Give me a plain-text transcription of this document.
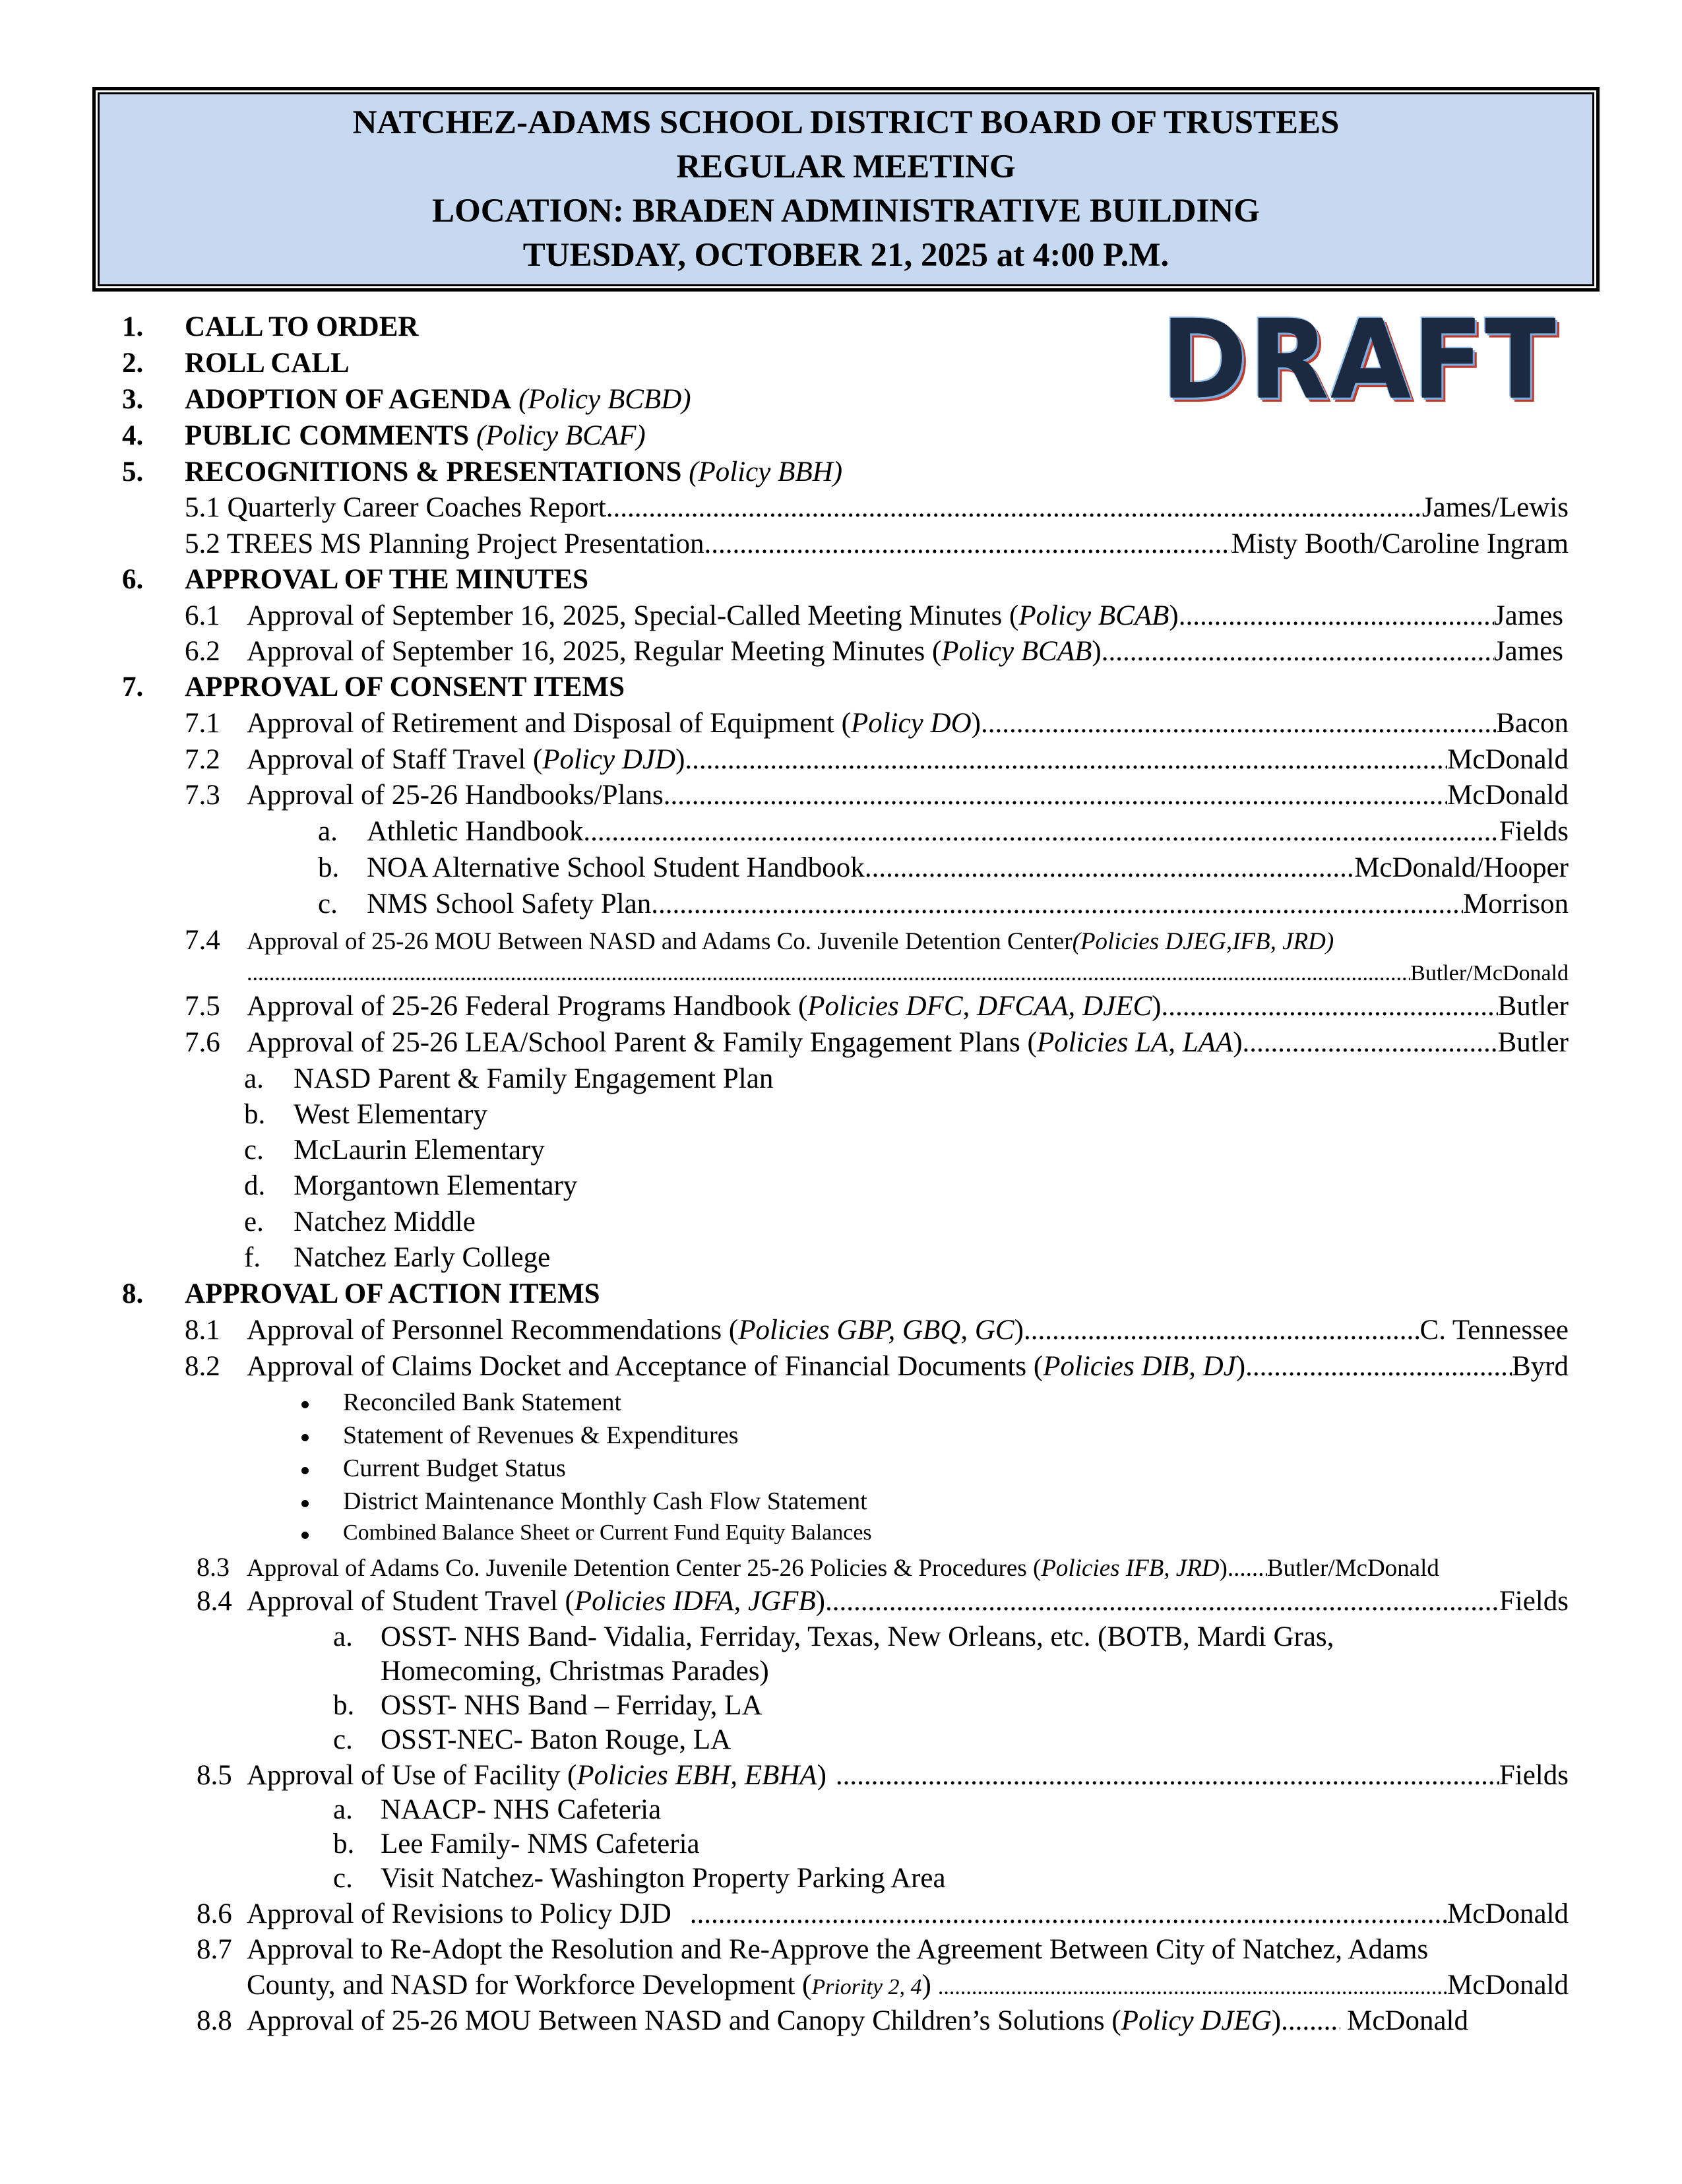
NATCHEZ-ADAMS SCHOOL DISTRICT BOARD OF TRUSTEES
REGULAR MEETING
LOCATION: BRADEN ADMINISTRATIVE BUILDING
TUESDAY, OCTOBER 21, 2025 at 4:00 P.M.
DRAFT
1. CALL TO ORDER
2. ROLL CALL
3. ADOPTION OF AGENDA (Policy BCBD)
4. PUBLIC COMMENTS (Policy BCAF)
5. RECOGNITIONS & PRESENTATIONS (Policy BBH)
5.1 Quarterly Career Coaches Report .....	James/Lewis
5.2 TREES MS Planning Project Presentation .....	Misty Booth/Caroline Ingram
6. APPROVAL OF THE MINUTES
6.1 Approval of September 16, 2025, Special-Called Meeting Minutes ( Policy BCAB ) .....	James
6.2 Approval of September 16, 2025, Regular Meeting Minutes ( Policy BCAB ) .....	James
7. APPROVAL OF CONSENT ITEMS
7.1 Approval of Retirement and Disposal of Equipment ( Policy DO ) .....	Bacon
7.2 Approval of Staff Travel ( Policy DJD ) .....	McDonald
7.3 Approval of 25-26 Handbooks/Plans .....	McDonald
a.	Athletic Handbook .....	Fields
b. NOA Alternative School Student Handbook .....	McDonald/Hooper
c.	NMS School Safety Plan .....	Morrison
7.4	Approval of 25-26 MOU Between NASD and Adams Co. Juvenile Detention Center (Policies DJEG,IFB, JRD)
.....
Butler/McDonald
7.5 Approval of 25-26 Federal Programs Handbook ( Policies DFC, DFCAA, DJEC ) .....	Butler
7.6 Approval of 25-26 LEA/School Parent & Family Engagement Plans ( Policies LA, LAA ) .....	Butler
a. NASD Parent & Family Engagement Plan
b. West Elementary
c. McLaurin Elementary
d. Morgantown Elementary
e. Natchez Middle
f. Natchez Early College
8. APPROVAL OF ACTION ITEMS
8.1 Approval of Personnel Recommendations ( Policies GBP, GBQ, GC ) .....	C. Tennessee
8.2 Approval of Claims Docket and Acceptance of Financial Documents ( Policies DIB, DJ ) .....	Byrd
Reconciled Bank Statement
Statement of Revenues & Expenditures
Current Budget Status
District Maintenance Monthly Cash Flow Statement
Combined Balance Sheet or Current Fund Equity Balances
8.3 Approval of Adams Co. Juvenile Detention Center 25-26 Policies & Procedures ( Policies IFB, JRD ) ..... Butler/McDonald
8.4 Approval of Student Travel ( Policies IDFA, JGFB ) .....	Fields
a. OSST- NHS Band- Vidalia, Ferriday, Texas, New Orleans, etc. (BOTB, Mardi Gras,
Homecoming, Christmas Parades)
b. OSST- NHS Band – Ferriday, LA
c. OSST-NEC- Baton Rouge, LA
8.5 Approval of Use of Facility ( Policies EBH, EBHA ) .....	Fields
a. NAACP- NHS Cafeteria
b. Lee Family- NMS Cafeteria
c. Visit Natchez- Washington Property Parking Area
8.6 Approval of Revisions to Policy DJD .....	McDonald
8.7 Approval to Re-Adopt the Resolution and Re-Approve the Agreement Between City of Natchez, Adams
County, and NASD for Workforce Development ( Priority 2, 4 ) .....	McDonald
8.8 Approval of 25-26 MOU Between NASD and Canopy Children’s Solutions ( Policy DJEG ) ..... McDonald
